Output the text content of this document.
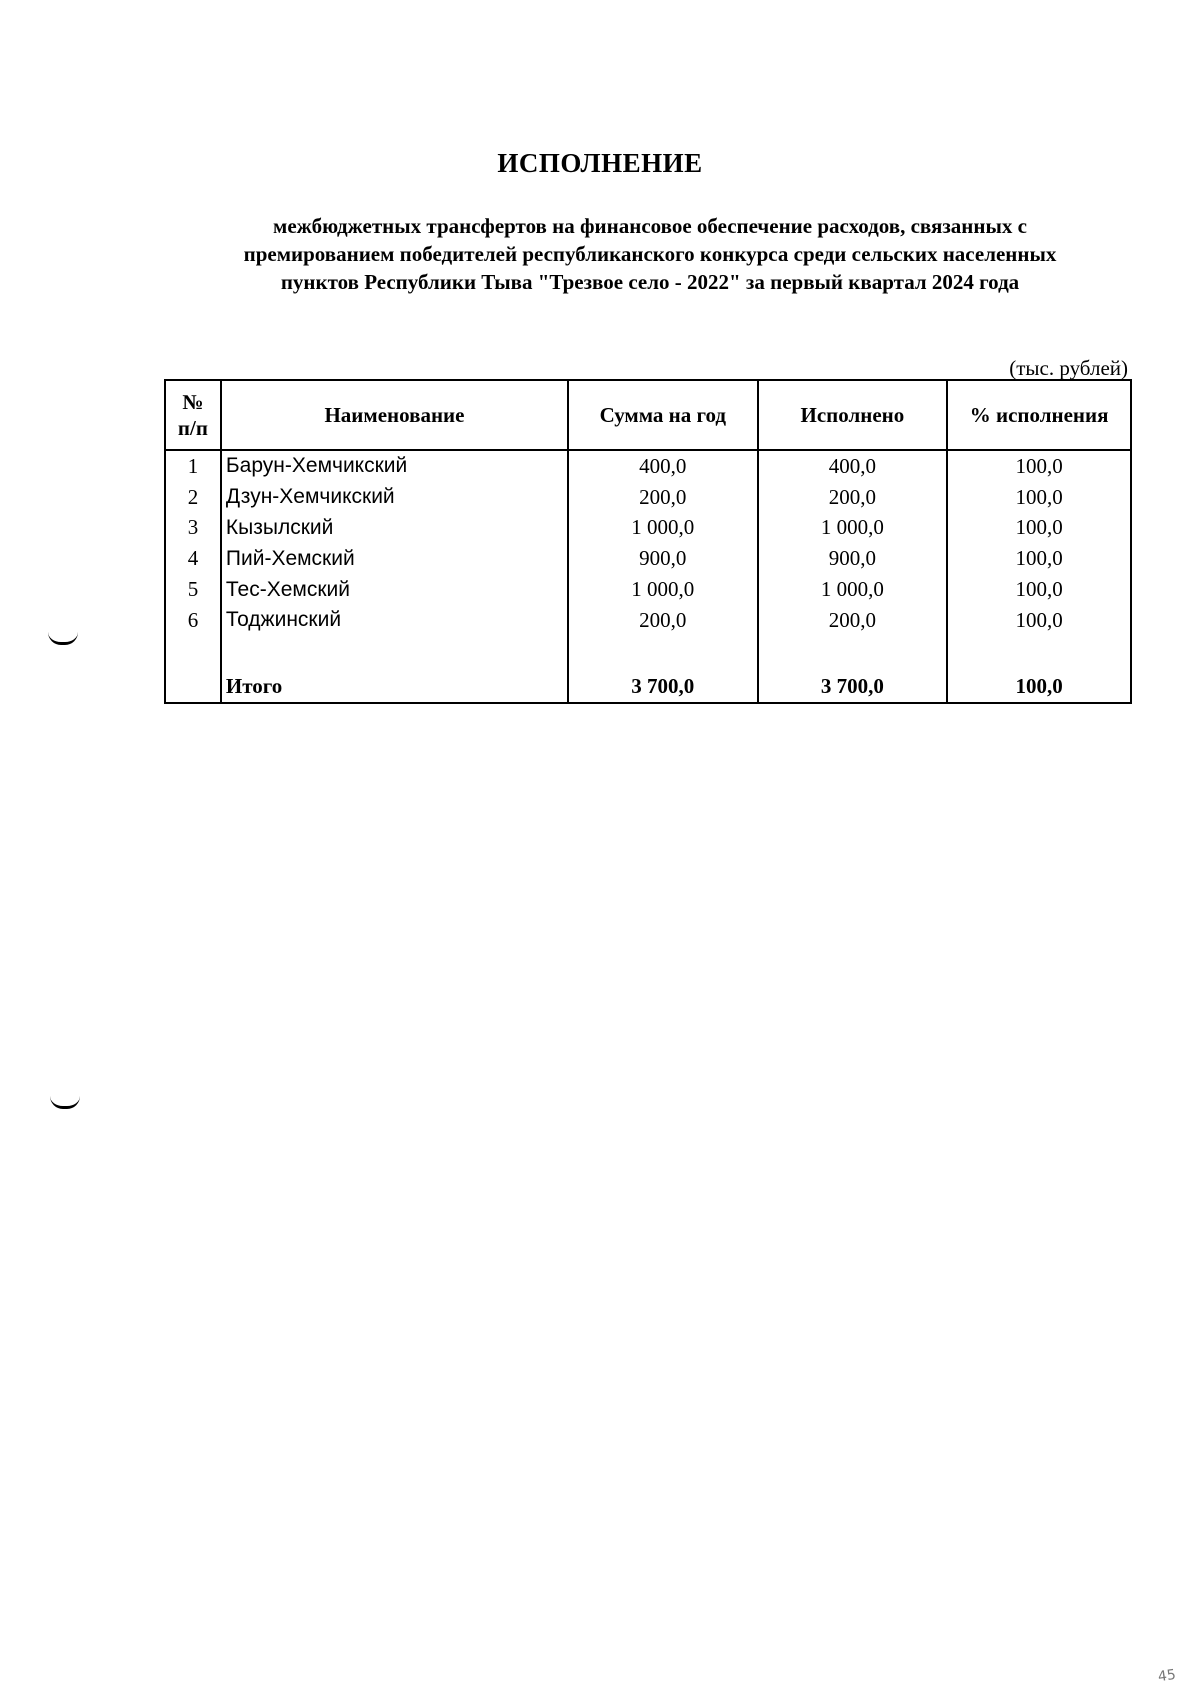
ИСПОЛНЕНИЕ
межбюджетных трансфертов на финансовое обеспечение расходов, связанных с
премированием победителей республиканского конкурса среди сельских населенных
пунктов Республики Тыва "Трезвое село - 2022" за первый квартал 2024 года
(тыс. рублей)
№
п/п	Наименование	Сумма на год	Исполнено	% исполнения
1	Барун-Хемчикский	400,0	400,0	100,0
2	Дзун-Хемчикский	200,0	200,0	100,0
3	Кызылский	1 000,0	1 000,0	100,0
4	Пий-Хемский	900,0	900,0	100,0
5	Тес-Хемский	1 000,0	1 000,0	100,0
6	Тоджинский	200,0	200,0	100,0

	Итого	3 700,0	3 700,0	100,0
45
